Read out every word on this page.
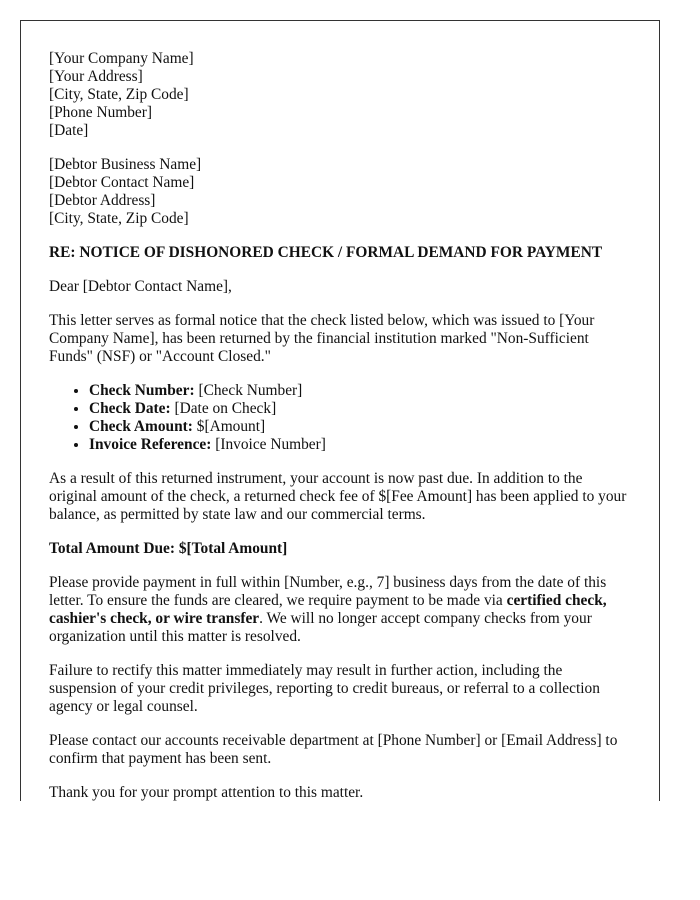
[Your Company Name]
[Your Address]
[City, State, Zip Code]
[Phone Number]
[Date]
[Debtor Business Name]
[Debtor Contact Name]
[Debtor Address]
[City, State, Zip Code]
RE: NOTICE OF DISHONORED CHECK / FORMAL DEMAND FOR PAYMENT

Dear [Debtor Contact Name],

This letter serves as formal notice that the check listed below, which was issued to [Your Company Name], has been returned by the financial institution marked "Non-Sufficient Funds" (NSF) or "Account Closed."

• Check Number: [Check Number]
• Check Date: [Date on Check]
• Check Amount: $[Amount]
• Invoice Reference: [Invoice Number]

As a result of this returned instrument, your account is now past due. In addition to the original amount of the check, a returned check fee of $[Fee Amount] has been applied to your balance, as permitted by state law and our commercial terms.

Total Amount Due: $[Total Amount]

Please provide payment in full within [Number, e.g., 7] business days from the date of this letter. To ensure the funds are cleared, we require payment to be made via certified check, cashier's check, or wire transfer. We will no longer accept company checks from your organization until this matter is resolved.

Failure to rectify this matter immediately may result in further action, including the suspension of your credit privileges, reporting to credit bureaus, or referral to a collection agency or legal counsel.

Please contact our accounts receivable department at [Phone Number] or [Email Address] to confirm that payment has been sent.

Thank you for your prompt attention to this matter.
